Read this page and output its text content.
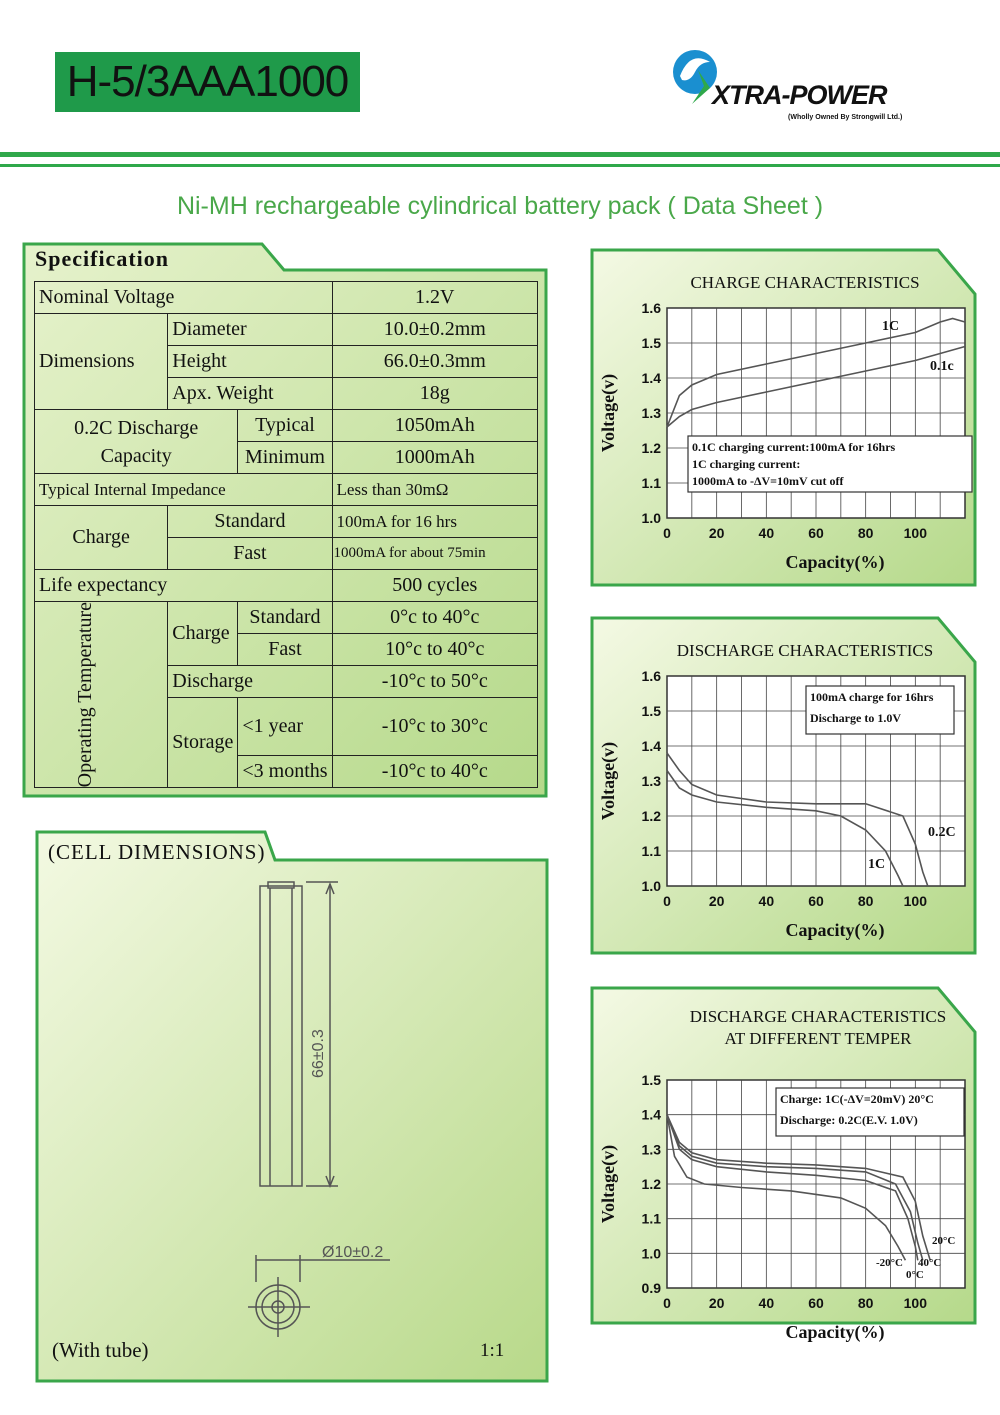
H-5/3AAA1000	XTRA-POWER
(Wholly Owned By Strongwill Ltd.)
Ni-MH rechargeable cylindrical battery pack ( Data Sheet )
Specification
Nominal Voltage			1.2V
Dimensions	Diameter		10.0±0.2mm
	Height		66.0±0.3mm
	Apx. Weight		18g
0.2C Discharge Capacity		Typical	1050mAh
		Minimum	1000mAh
Typical Internal Impedance			Less than 30mΩ
Charge	Standard		100mA for 16 hrs
	Fast		1000mA for about 75min
Life expectancy			500 cycles

Operating Temperature	Charge	Standard	0°c to 40°c
		Fast	10°c to 40°c
	Discharge		-10°c to 50°c
	Storage	<1 year	-10°c to 30°c
		<3 months	-10°c to 40°c
(CELL DIMENSIONS)
66±0.3
Ø10±0.2
(With tube)	1:1
1.0
1.1
1.2
1.3
1.4
1.5
1.6
0	20 40 60 80 100
Capacity(%)
Voltage(v)
CHARGE CHARACTERISTICS
1C
0.1c
0.1C charging current:100mA for 16hrs
1C charging current:
1000mA to -ΔV=10mV cut off
1.0
1.1
1.2
1.3
1.4
1.5
1.6
0	20 40 60 80 100
Capacity(%)
Voltage(v)
DISCHARGE CHARACTERISTICS
0.2C
1C
100mA charge for 16hrs
Discharge to 1.0V
0.9
1.0
1.1
1.2
1.3
1.4
1.5
0	20 40 60 80 100
Capacity(%)
Voltage(v)
DISCHARGE CHARACTERISTICS
AT DIFFERENT TEMPER
20°C
40°C
0°C
-20°C
Charge: 1C(-ΔV=20mV) 20°C
Discharge: 0.2C(E.V. 1.0V)
